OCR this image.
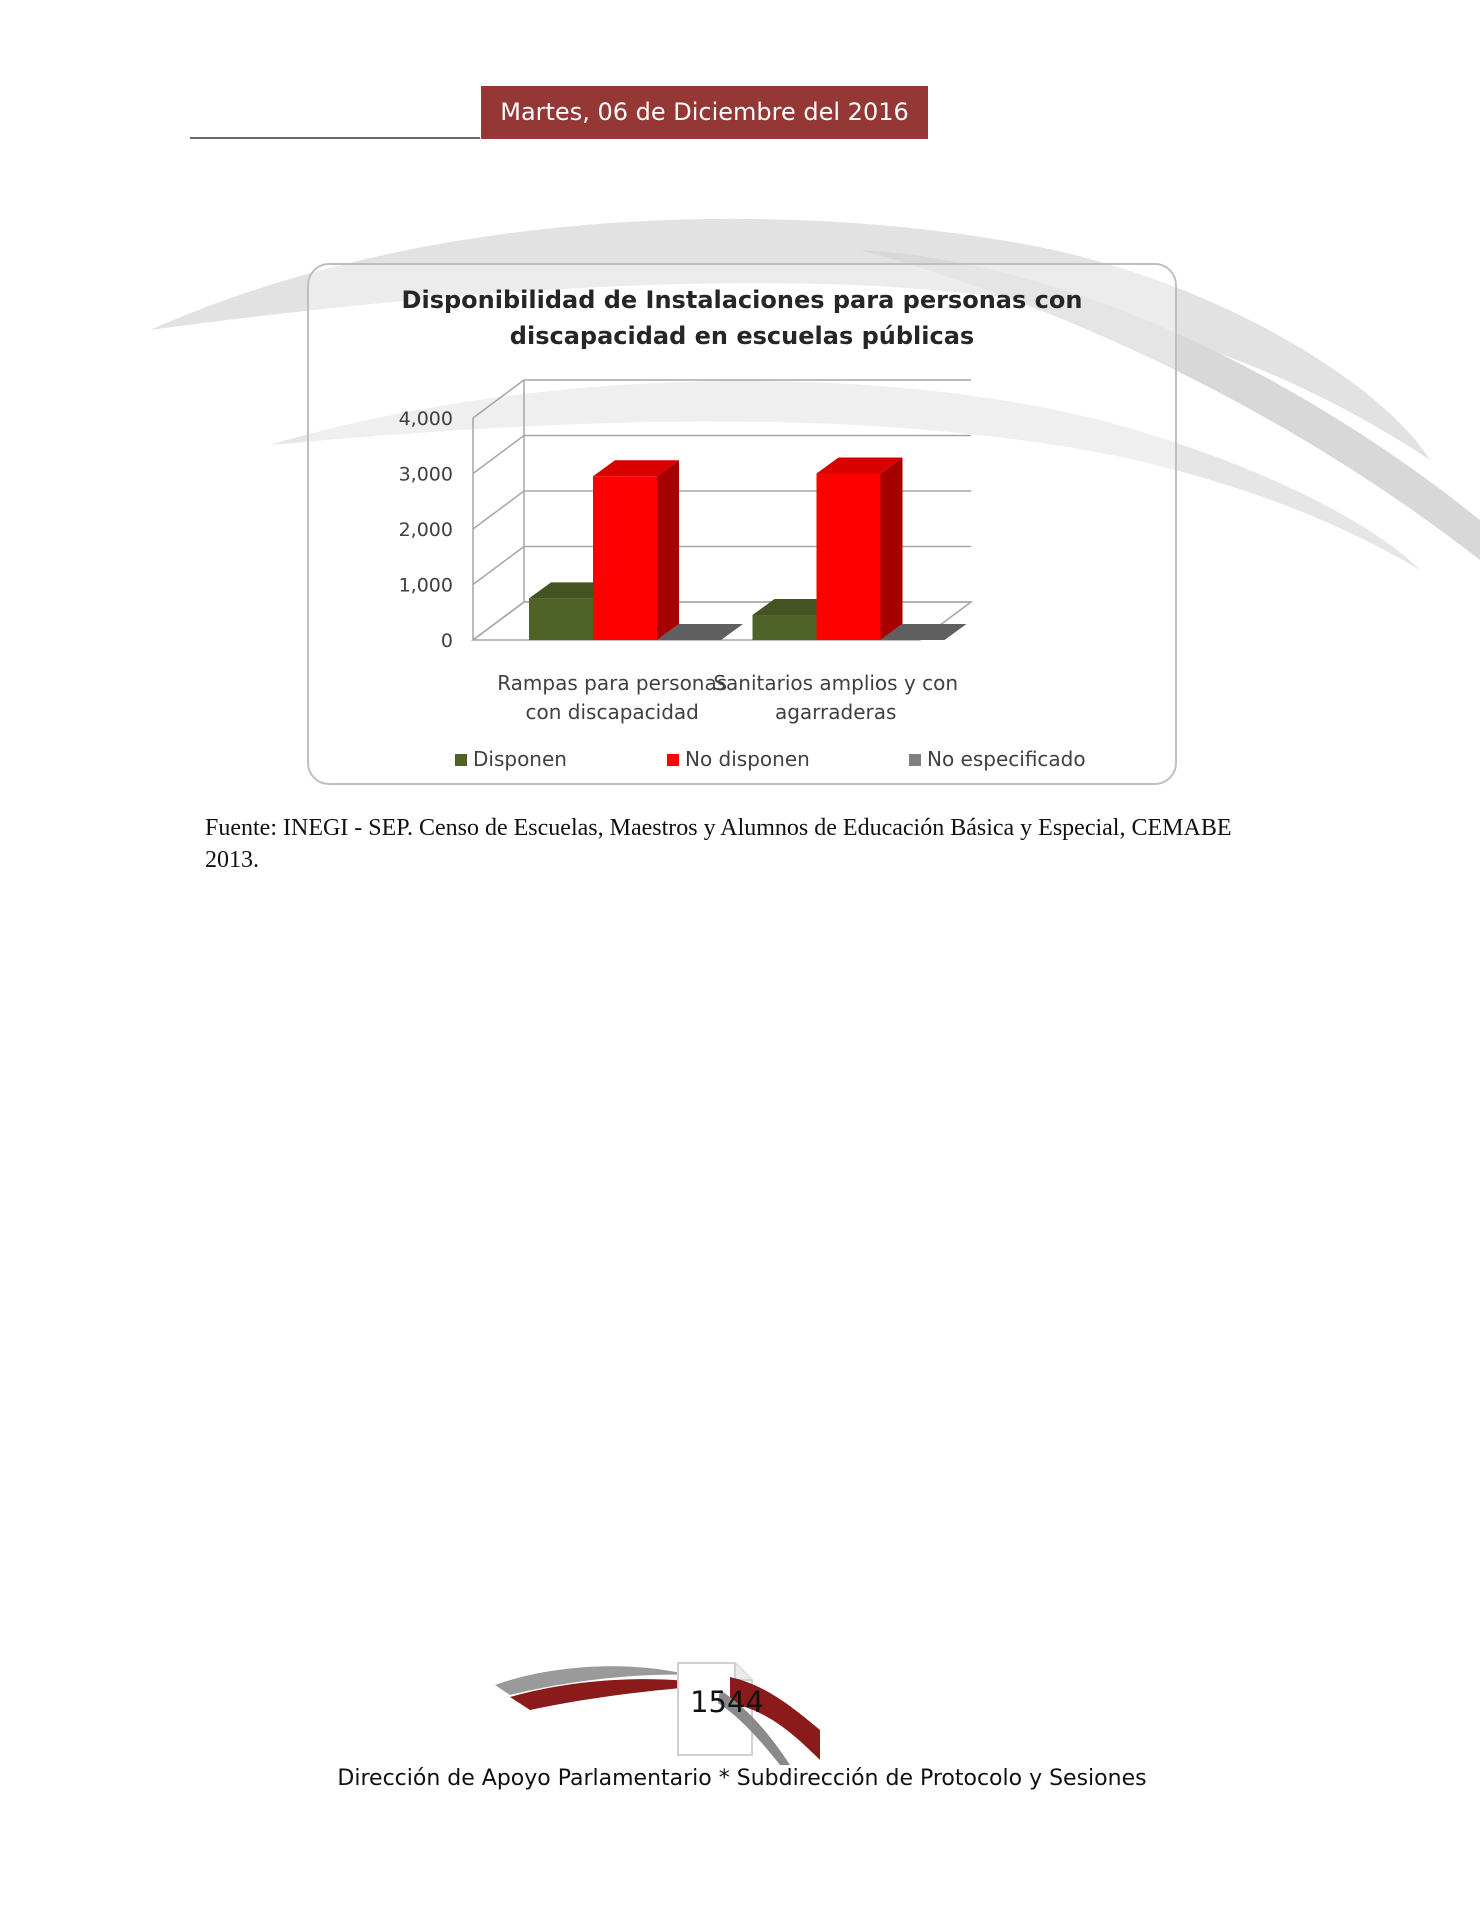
Martes, 06 de Diciembre del 2016
Disponibilidad de Instalaciones para personas con
discapacidad en escuelas públicas
0
1,000
2,000
3,000
4,000
Rampas para personas
con discapacidad
Sanitarios amplios y con
agarraderas
Disponen	No disponen	No especificado
Fuente: INEGI - SEP. Censo de Escuelas, Maestros y Alumnos de Educación Básica y Especial, CEMABE 2013.
1544
Dirección de Apoyo Parlamentario * Subdirección de Protocolo y Sesiones
